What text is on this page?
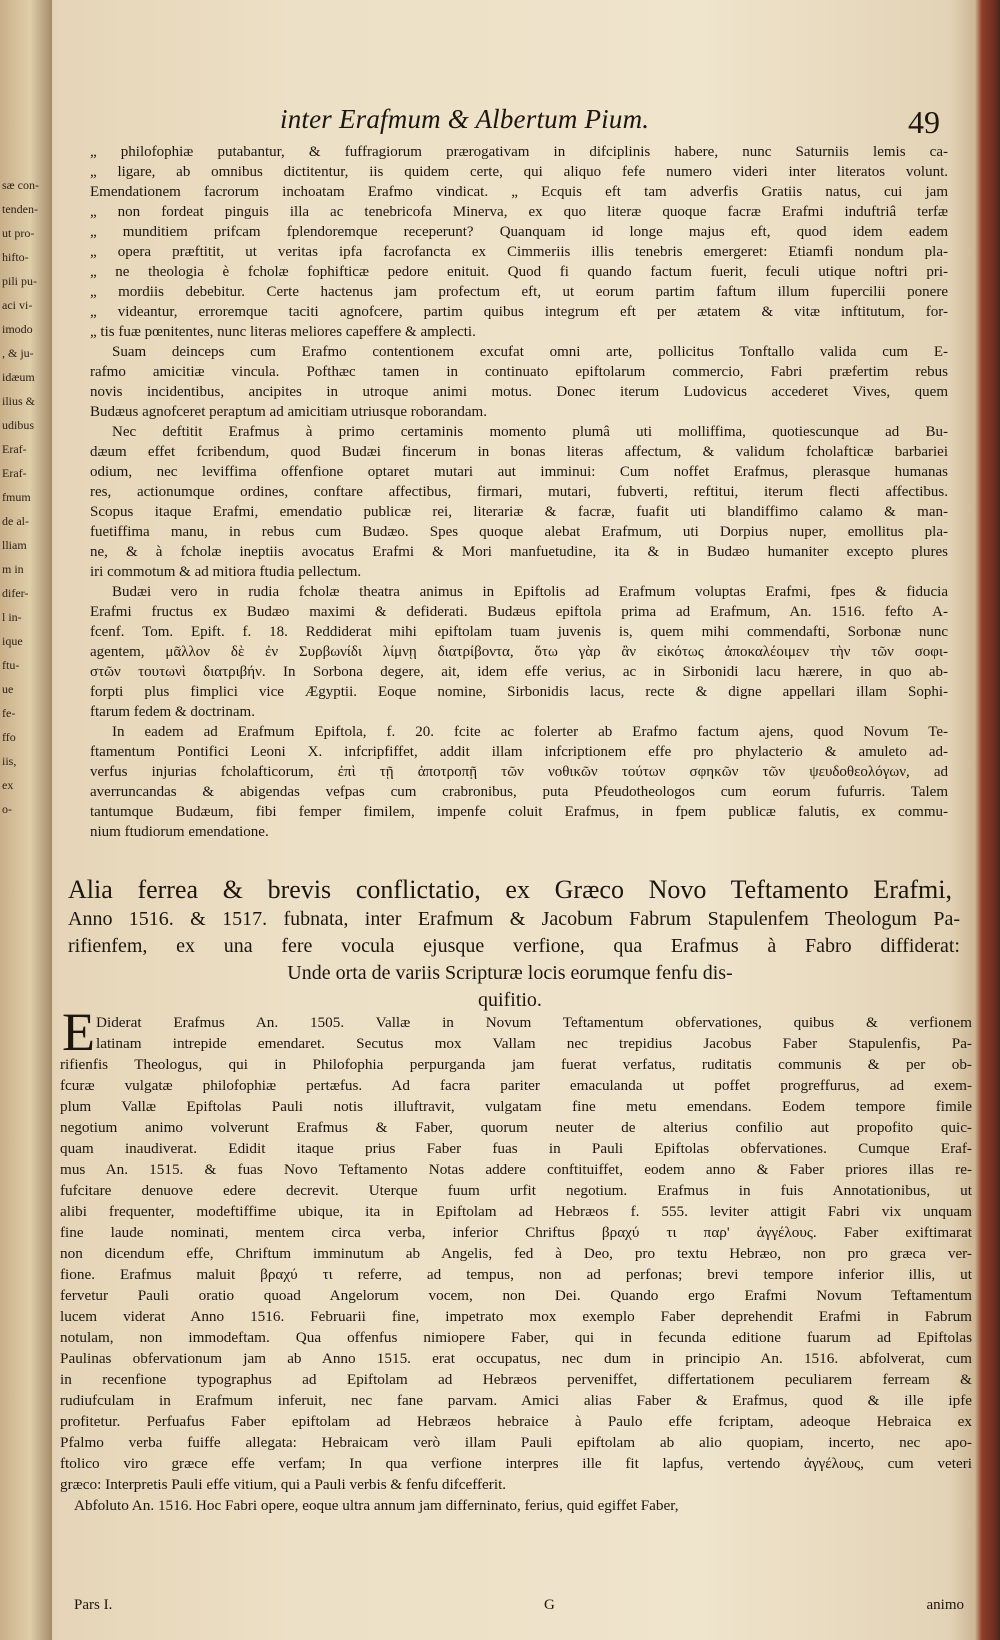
sæ con-
tenden-
ut pro-
hifto-
pili pu-
aci vi-
imodo
, & ju-
idæum
ilius &
udibus
Eraf-
Eraf-
fmum
de al-
lliam
m in
difer-
l in-
ique
ftu-
ue
fe-
ffo
iis,
ex
o-
inter Erafmum & Albertum Pium.	49
„ philofophiæ putabantur, & fuffragiorum prærogativam in difciplinis habere, nunc Saturniis lemis ca-
„ ligare, ab omnibus dictitentur, iis quidem certe, qui aliquo fefe numero videri inter literatos volunt.
Emendationem facrorum inchoatam Erafmo vindicat. „ Ecquis eft tam adverfis Gratiis natus, cui jam
„ non fordeat pinguis illa ac tenebricofa Minerva, ex quo literæ quoque facræ Erafmi induftriâ terfæ
„ munditiem prifcam fplendoremque receperunt? Quanquam id longe majus eft, quod idem eadem
„ opera præftitit, ut veritas ipfa facrofancta ex Cimmeriis illis tenebris emergeret: Etiamfi nondum pla-
„ ne theologia è fcholæ fophifticæ pedore enituit. Quod fi quando factum fuerit, feculi utique noftri pri-
„ mordiis debebitur. Certe hactenus jam profectum eft, ut eorum partim faftum illum fupercilii ponere
„ videantur, erroremque taciti agnofcere, partim quibus integrum eft per ætatem & vitæ inftitutum, for-
„ tis fuæ pœnitentes, nunc literas meliores capeffere & amplecti.
Suam deinceps cum Erafmo contentionem excufat omni arte, pollicitus Tonftallo valida cum E-
rafmo amicitiæ vincula. Pofthæc tamen in continuato epiftolarum commercio, Fabri præfertim rebus
novis incidentibus, ancipites in utroque animi motus. Donec iterum Ludovicus accederet Vives, quem
Budæus agnofceret peraptum ad amicitiam utriusque roborandam.
Nec deftitit Erafmus à primo certaminis momento plumâ uti molliffima, quotiescunque ad Bu-
dæum effet fcribendum, quod Budæi fincerum in bonas literas affectum, & validum fcholafticæ barbariei
odium, nec leviffima offenfione optaret mutari aut imminui: Cum noffet Erafmus, plerasque humanas
res, actionumque ordines, conftare affectibus, firmari, mutari, fubverti, reftitui, iterum flecti affectibus.
Scopus itaque Erafmi, emendatio publicæ rei, literariæ & facræ, fuafit uti blandiffimo calamo & man-
fuetiffima manu, in rebus cum Budæo. Spes quoque alebat Erafmum, uti Dorpius nuper, emollitus pla-
ne, & à fcholæ ineptiis avocatus Erafmi & Mori manfuetudine, ita & in Budæo humaniter excepto plures
iri commotum & ad mitiora ftudia pellectum.
Budæi vero in rudia fcholæ theatra animus in Epiftolis ad Erafmum voluptas Erafmi, fpes & fiducia
Erafmi fructus ex Budæo maximi & defiderati. Budæus epiftola prima ad Erafmum, An. 1516. fefto A-
fcenf. Tom. Epift. f. 18. Reddiderat mihi epiftolam tuam juvenis is, quem mihi commendafti, Sorbonæ nunc
agentem, μᾶλλον δὲ ἐν Συρβωνίδι λίμνῃ διατρίβοντα, ὅτω γὰρ ἂν εἰκότως ἀποκαλέοιμεν τὴν τῶν σοφι-
στῶν τουτωνὶ διατριβήν. In Sorbona degere, ait, idem effe verius, ac in Sirbonidi lacu hærere, in quo ab-
forpti plus fimplici vice Ægyptii. Eoque nomine, Sirbonidis lacus, recte & digne appellari illam Sophi-
ftarum fedem & doctrinam.
In eadem ad Erafmum Epiftola, f. 20. fcite ac folerter ab Erafmo factum ajens, quod Novum Te-
ftamentum Pontifici Leoni X. infcripfiffet, addit illam infcriptionem effe pro phylacterio & amuleto ad-
verfus injurias fcholafticorum, ἐπὶ τῇ ἀποτροπῇ τῶν νοθικῶν τούτων σφηκῶν τῶν ψευδοθεολόγων, ad
averruncandas & abigendas vefpas cum crabronibus, puta Pfeudotheologos cum eorum fufurris. Talem
tantumque Budæum, fibi femper fimilem, impenfe coluit Erafmus, in fpem publicæ falutis, ex commu-
nium ftudiorum emendatione.
Alia ferrea & brevis conflictatio, ex Græco Novo Teftamento Erafmi,
Anno 1516. & 1517. fubnata, inter Erafmum & Jacobum Fabrum Stapulenfem Theologum Pa-
rifienfem, ex una fere vocula ejusque verfione, qua Erafmus à Fabro diffiderat:
Unde orta de variis Scripturæ locis eorumque fenfu dis-
quifitio.
E Diderat Erafmus An. 1505. Vallæ in Novum Teftamentum obfervationes, quibus & verfionem
latinam intrepide emendaret. Secutus mox Vallam nec trepidius Jacobus Faber Stapulenfis, Pa-
rifienfis Theologus, qui in Philofophia perpurganda jam fuerat verfatus, ruditatis communis & per ob-
fcuræ vulgatæ philofophiæ pertæfus. Ad facra pariter emaculanda ut poffet progreffurus, ad exem-
plum Vallæ Epiftolas Pauli notis illuftravit, vulgatam fine metu emendans. Eodem tempore fimile
negotium animo volverunt Erafmus & Faber, quorum neuter de alterius confilio aut propofito quic-
quam inaudiverat. Edidit itaque prius Faber fuas in Pauli Epiftolas obfervationes. Cumque Eraf-
mus An. 1515. & fuas Novo Teftamento Notas addere conftituiffet, eodem anno & Faber priores illas re-
fufcitare denuove edere decrevit. Uterque fuum urfit negotium. Erafmus in fuis Annotationibus, ut
alibi frequenter, modeftiffime ubique, ita in Epiftolam ad Hebræos f. 555. leviter attigit Fabri vix unquam
fine laude nominati, mentem circa verba, inferior Chriftus βραχύ τι παρ' ἀγγέλους. Faber exiftimarat
non dicendum effe, Chriftum imminutum ab Angelis, fed à Deo, pro textu Hebræo, non pro græca ver-
fione. Erafmus maluit βραχύ τι referre, ad tempus, non ad perfonas; brevi tempore inferior illis, ut
fervetur Pauli oratio quoad Angelorum vocem, non Dei. Quando ergo Erafmi Novum Teftamentum
lucem viderat Anno 1516. Februarii fine, impetrato mox exemplo Faber deprehendit Erafmi in Fabrum
notulam, non immodeftam. Qua offenfus nimiopere Faber, qui in fecunda editione fuarum ad Epiftolas
Paulinas obfervationum jam ab Anno 1515. erat occupatus, nec dum in principio An. 1516. abfolverat, cum
in recenfione typographus ad Epiftolam ad Hebræos perveniffet, differtationem peculiarem ferream &
rudiufculam in Erafmum inferuit, nec fane parvam. Amici alias Faber & Erafmus, quod & ille ipfe
profitetur. Perfuafus Faber epiftolam ad Hebræos hebraice à Paulo effe fcriptam, adeoque Hebraica ex
Pfalmo verba fuiffe allegata: Hebraicam verò illam Pauli epiftolam ab alio quopiam, incerto, nec apo-
ftolico viro græce effe verfam; In qua verfione interpres ille fit lapfus, vertendo ἀγγέλους, cum veteri
græco: Interpretis Pauli effe vitium, qui a Pauli verbis & fenfu difcefferit.
Abfoluto An. 1516. Hoc Fabri opere, eoque ultra annum jam differninato, ferius, quid egiffet Faber,
Pars I.	G	animo
